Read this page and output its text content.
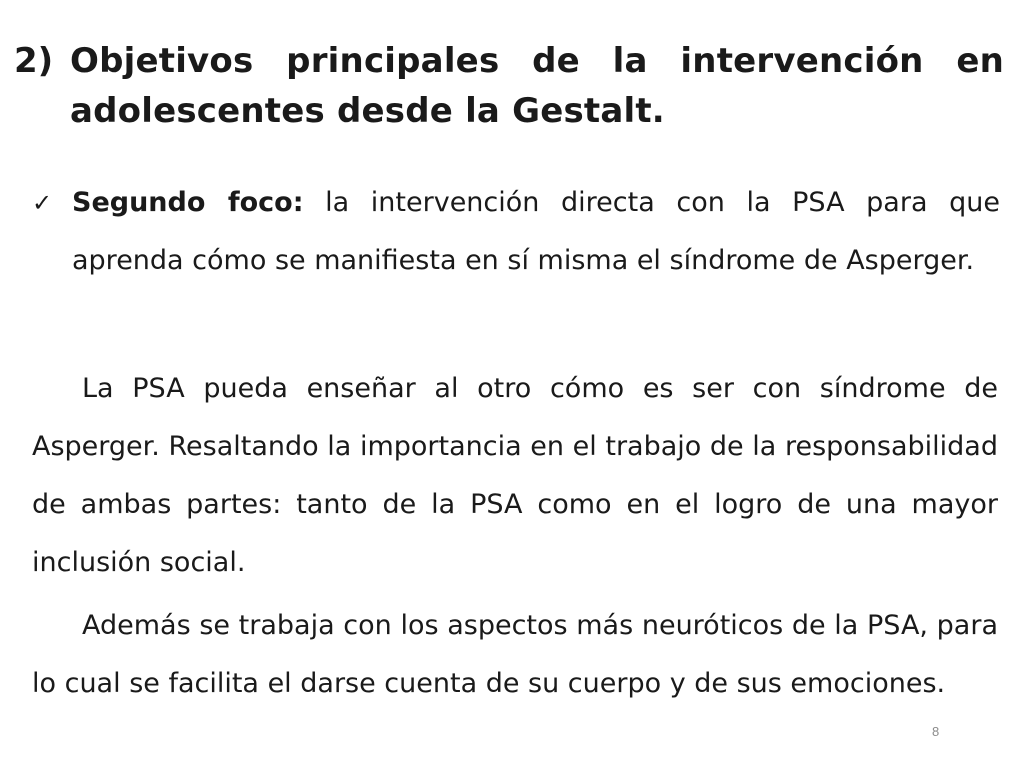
2) Objetivos principales de la intervención en adolescentes desde la Gestalt.
✓ Segundo foco: la intervención directa con la PSA para que aprenda cómo se manifiesta en sí misma el síndrome de Asperger.

La PSA pueda enseñar al otro cómo es ser con síndrome de Asperger. Resaltando la importancia en el trabajo de la responsabilidad de ambas partes: tanto de la PSA como en el logro de una mayor inclusión social.

Además se trabaja con los aspectos más neuróticos de la PSA, para lo cual se facilita el darse cuenta de su cuerpo y de sus emociones.

8
